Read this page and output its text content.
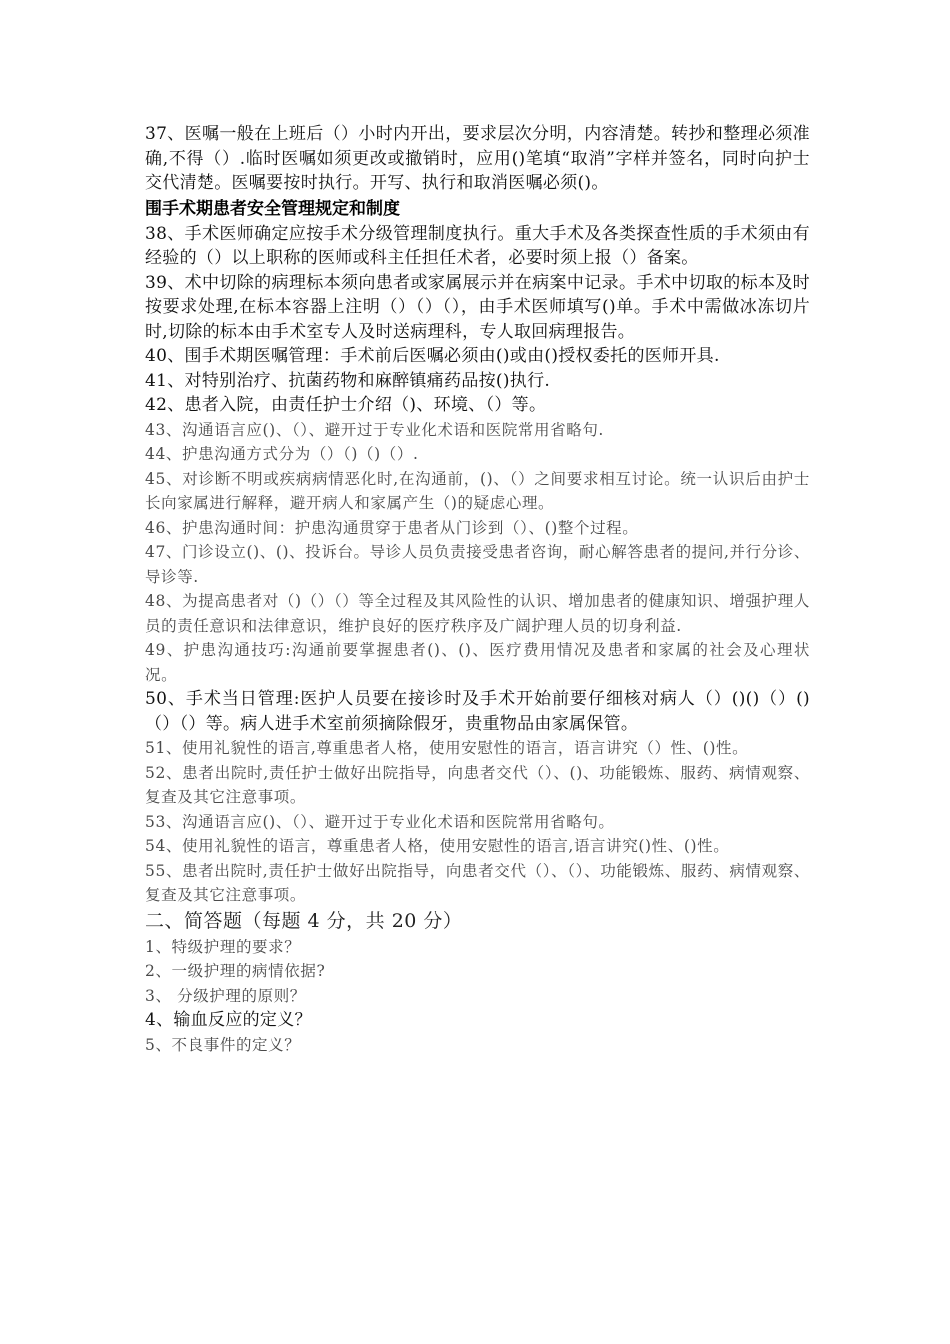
37、医嘱一般在上班后（）小时内开出，要求层次分明，内容清楚。转抄和整理必须准确,不得（）.临时医嘱如须更改或撤销时，应用()笔填“取消”字样并签名，同时向护士交代清楚。医嘱要按时执行。开写、执行和取消医嘱必须()。

围手术期患者安全管理规定和制度

38、手术医师确定应按手术分级管理制度执行。重大手术及各类探查性质的手术须由有经验的（）以上职称的医师或科主任担任术者，必要时须上报（）备案。

39、术中切除的病理标本须向患者或家属展示并在病案中记录。手术中切取的标本及时按要求处理,在标本容器上注明（）（）（），由手术医师填写()单。手术中需做冰冻切片时,切除的标本由手术室专人及时送病理科，专人取回病理报告。

40、围手术期医嘱管理：手术前后医嘱必须由()或由()授权委托的医师开具.

41、对特别治疗、抗菌药物和麻醉镇痛药品按()执行.

42、患者入院，由责任护士介绍（)、环境、（）等。

43、沟通语言应()、（）、避开过于专业化术语和医院常用省略句.

44、护患沟通方式分为（）（)（)（）.

45、对诊断不明或疾病病情恶化时,在沟通前，()、（）之间要求相互讨论。统一认识后由护士长向家属进行解释，避开病人和家属产生（)的疑虑心理。

46、护患沟通时间：护患沟通贯穿于患者从门诊到（）、()整个过程。

47、门诊设立()、()、投诉台。导诊人员负责接受患者咨询，耐心解答患者的提问,并行分诊、导诊等.

48、为提高患者对（)（）（）等全过程及其风险性的认识、增加患者的健康知识、增强护理人员的责任意识和法律意识，维护良好的医疗秩序及广阔护理人员的切身利益.

49、护患沟通技巧:沟通前要掌握患者()、()、医疗费用情况及患者和家属的社会及心理状况。

50、手术当日管理:医护人员要在接诊时及手术开始前要仔细核对病人（）()()（）()（）（）等。病人进手术室前须摘除假牙，贵重物品由家属保管。

51、使用礼貌性的语言,尊重患者人格，使用安慰性的语言，语言讲究（）性、()性。

52、患者出院时,责任护士做好出院指导，向患者交代（）、()、功能锻炼、服药、病情观察、复查及其它注意事项。

53、沟通语言应()、（）、避开过于专业化术语和医院常用省略句。

54、使用礼貌性的语言，尊重患者人格，使用安慰性的语言,语言讲究()性、()性。

55、患者出院时,责任护士做好出院指导，向患者交代（）、（）、功能锻炼、服药、病情观察、复查及其它注意事项。

二、简答题（每题 4 分，共 20 分）

1、特级护理的要求？

2、一级护理的病情依据?

3、 分级护理的原则？

4、输血反应的定义？

5、不良事件的定义？
